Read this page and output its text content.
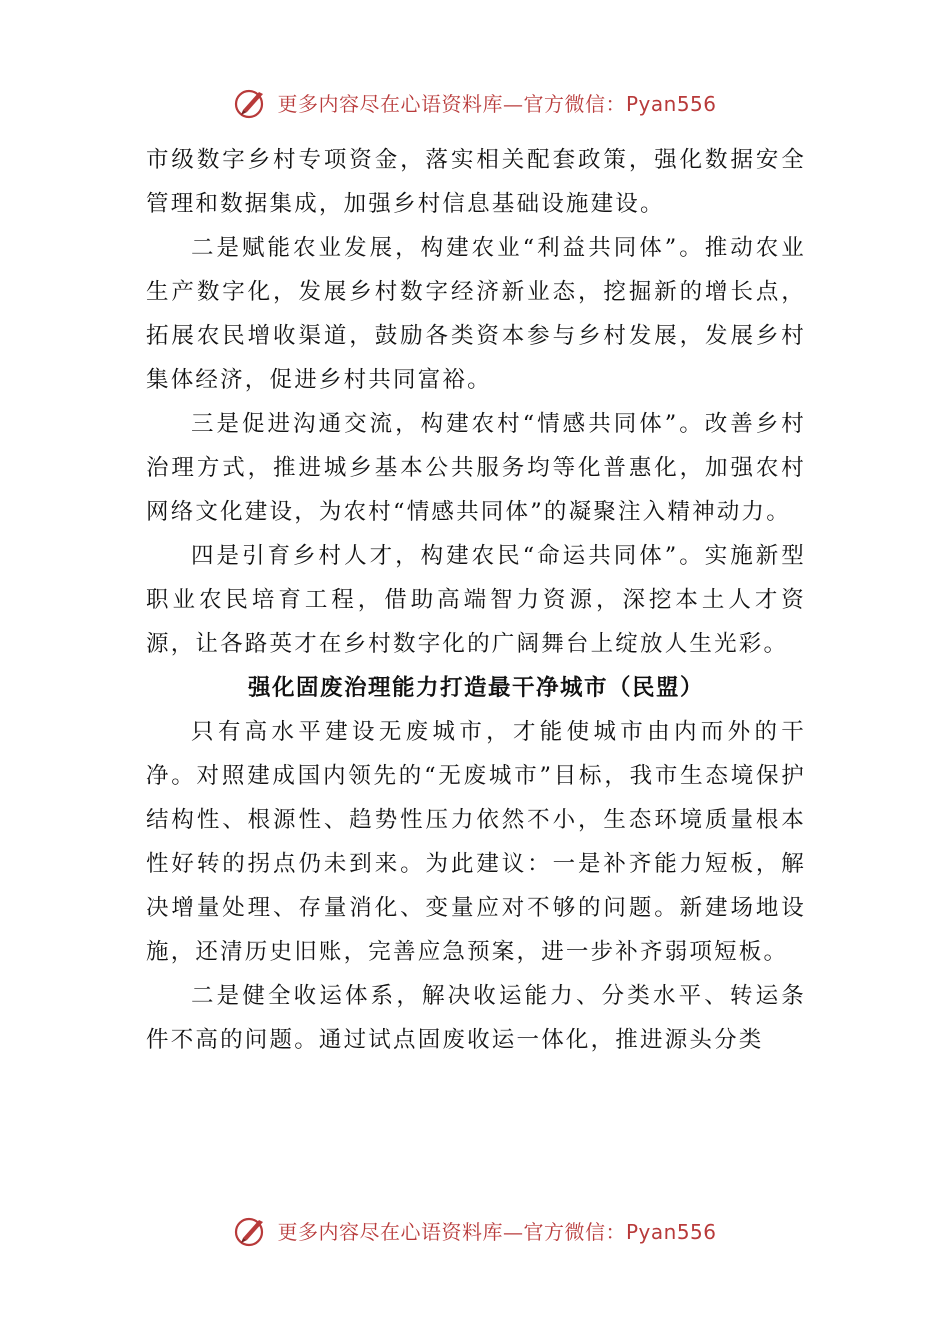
更多内容尽在心语资料库—官方微信：Pyan556

市级数字乡村专项资金，落实相关配套政策，强化数据安全管理和数据集成，加强乡村信息基础设施建设。

二是赋能农业发展，构建农业“利益共同体”。推动农业生产数字化，发展乡村数字经济新业态，挖掘新的增长点，拓展农民增收渠道，鼓励各类资本参与乡村发展，发展乡村集体经济，促进乡村共同富裕。

三是促进沟通交流，构建农村“情感共同体”。改善乡村治理方式，推进城乡基本公共服务均等化普惠化，加强农村网络文化建设，为农村“情感共同体”的凝聚注入精神动力。

四是引育乡村人才，构建农民“命运共同体”。实施新型职业农民培育工程，借助高端智力资源，深挖本土人才资源，让各路英才在乡村数字化的广阔舞台上绽放人生光彩。

强化固废治理能力打造最干净城市（民盟）

只有高水平建设无废城市，才能使城市由内而外的干净。对照建成国内领先的“无废城市”目标，我市生态境保护结构性、根源性、趋势性压力依然不小，生态环境质量根本性好转的拐点仍未到来。为此建议：一是补齐能力短板，解决增量处理、存量消化、变量应对不够的问题。新建场地设施，还清历史旧账，完善应急预案，进一步补齐弱项短板。

二是健全收运体系，解决收运能力、分类水平、转运条件不高的问题。通过试点固废收运一体化，推进源头分类

更多内容尽在心语资料库—官方微信：Pyan556
